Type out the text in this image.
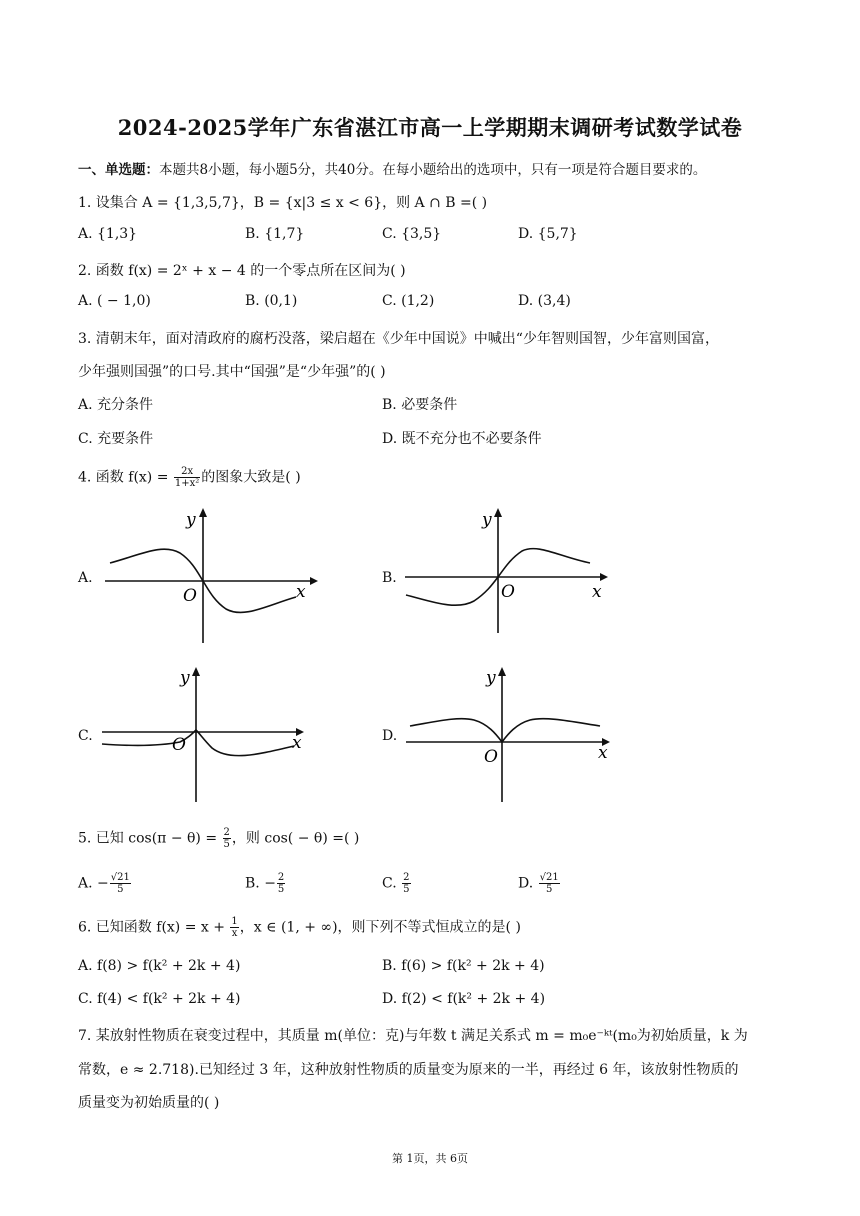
2024-2025学年广东省湛江市高一上学期期末调研考试数学试卷
一、单选题：本题共8小题，每小题5分，共40分。在每小题给出的选项中，只有一项是符合题目要求的。
1. 设集合 A = {1,3,5,7}，B = {x|3 ≤ x < 6}，则 A ∩ B =( )
A. {1,3}	B. {1,7}	C. {3,5}	D. {5,7}
2. 函数 f(x) = 2ˣ + x − 4 的一个零点所在区间为( )
A. ( − 1,0)	B. (0,1)	C. (1,2)	D. (3,4)
3. 清朝末年，面对清政府的腐朽没落，梁启超在《少年中国说》中喊出“少年智则国智，少年富则国富，
少年强则国强”的口号.其中“国强”是“少年强”的( )
A. 充分条件	B. 必要条件
C. 充要条件	D. 既不充分也不必要条件
4. 函数 $f(x) = \frac{2x}{\text{1+x²}}$ 的图象大致是( )
A.
y
x
O
B.
y
x
O
C.
y
x
O	D.
y
x
O
5. 已知 $\cos(\pi - \theta) = \frac{2}{5}$ ，则 cos( − θ) =( )
A. − $\frac{√21}{5}$	B. − $\frac{2}{5}$	C. $\frac{2}{5}$	D. $\frac{√21}{5}$
6. 已知函数 $f(x) = x + \frac{1}{x}$ ，x ∈ (1, + ∞)，则下列不等式恒成立的是( )
A. f(8) > f(k² + 2k + 4)	B. f(6) > f(k² + 2k + 4)
C. f(4) < f(k² + 2k + 4)	D. f(2) < f(k² + 2k + 4)
7. 某放射性物质在衰变过程中，其质量 m(单位：克)与年数 t 满足关系式 m = m₀e⁻ᵏᵗ(m₀为初始质量，k 为
常数，e ≈ 2.718).已知经过 3 年，这种放射性物质的质量变为原来的一半，再经过 6 年，该放射性物质的
质量变为初始质量的( )
第 1页，共 6页
